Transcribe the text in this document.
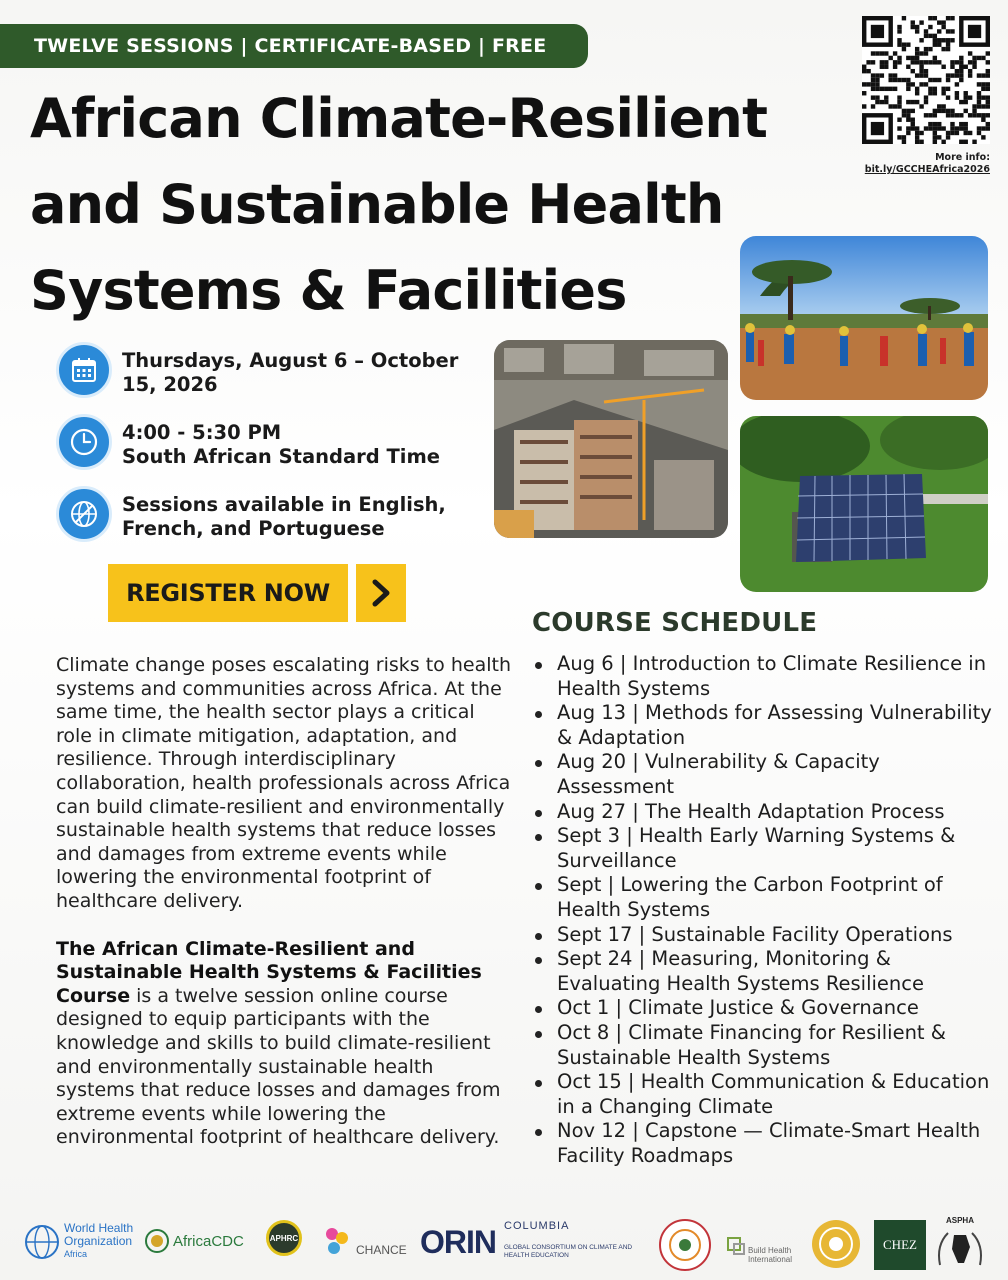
TWELVE SESSIONS | CERTIFICATE-BASED | FREE
African Climate-Resilient
and Sustainable Health
Systems & Facilities
More info:
bit.ly/GCCHEAfrica2026
Thursdays, August 6 – October
15, 2026
4:00 - 5:30 PM
South African Standard Time
Sessions available in English,
French, and Portuguese
REGISTER NOW

Climate change poses escalating risks to health systems and communities across Africa. At the same time, the health sector plays a critical role in climate mitigation, adaptation, and resilience. Through interdisciplinary collaboration, health professionals across Africa can build climate-resilient and environmentally sustainable health systems that reduce losses and damages from extreme events while lowering the environmental footprint of healthcare delivery.

The African Climate-Resilient and Sustainable Health Systems & Facilities Course is a twelve session online course designed to equip participants with the knowledge and skills to build climate-resilient and environmentally sustainable health systems that reduce losses and damages from extreme events while lowering the environmental footprint of healthcare delivery.

COURSE SCHEDULE
Aug 6 | Introduction to Climate Resilience in Health Systems
Aug 13 | Methods for Assessing Vulnerability & Adaptation
Aug 20 | Vulnerability & Capacity Assessment
Aug 27 | The Health Adaptation Process
Sept 3 | Health Early Warning Systems & Surveillance
Sept | Lowering the Carbon Footprint of Health Systems
Sept 17 | Sustainable Facility Operations
Sept 24 | Measuring, Monitoring & Evaluating Health Systems Resilience
Oct 1 | Climate Justice & Governance
Oct 8 | Climate Financing for Resilient & Sustainable Health Systems
Oct 15 | Health Communication & Education in a Changing Climate
Nov 12 | Capstone — Climate-Smart Health Facility Roadmaps
World Health Organization
Africa
AfricaCDC	APHRC
CHANCE ORIN COLUMBIA
GLOBAL CONSORTIUM ON CLIMATE AND HEALTH EDUCATION
Build Health International
CHEZ
ASPHA
